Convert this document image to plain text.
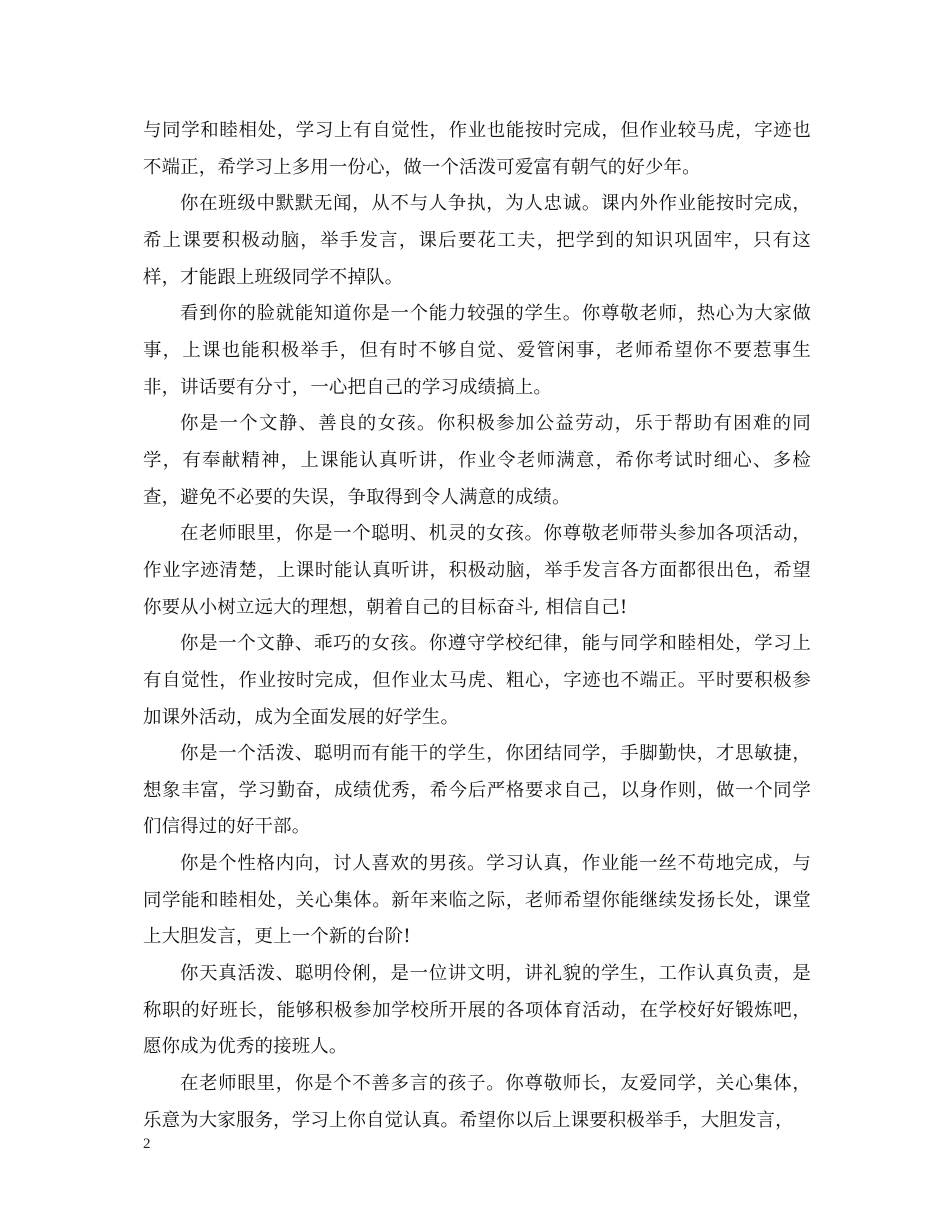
与同学和睦相处，学习上有自觉性，作业也能按时完成，但作业较马虎，字迹也不端正，希学习上多用一份心，做一个活泼可爱富有朝气的好少年。

你在班级中默默无闻，从不与人争执，为人忠诚。课内外作业能按时完成，希上课要积极动脑，举手发言，课后要花工夫，把学到的知识巩固牢，只有这样，才能跟上班级同学不掉队。

看到你的脸就能知道你是一个能力较强的学生。你尊敬老师，热心为大家做事，上课也能积极举手，但有时不够自觉、爱管闲事，老师希望你不要惹事生非，讲话要有分寸，一心把自己的学习成绩搞上。

你是一个文静、善良的女孩。你积极参加公益劳动，乐于帮助有困难的同学，有奉献精神，上课能认真听讲，作业令老师满意，希你考试时细心、多检查，避免不必要的失误，争取得到令人满意的成绩。

在老师眼里，你是一个聪明、机灵的女孩。你尊敬老师带头参加各项活动，作业字迹清楚，上课时能认真听讲，积极动脑，举手发言各方面都很出色，希望你要从小树立远大的理想，朝着自己的目标奋斗, 相信自己!

你是一个文静、乖巧的女孩。你遵守学校纪律，能与同学和睦相处，学习上有自觉性，作业按时完成，但作业太马虎、粗心，字迹也不端正。平时要积极参加课外活动，成为全面发展的好学生。

你是一个活泼、聪明而有能干的学生，你团结同学，手脚勤快，才思敏捷，想象丰富，学习勤奋，成绩优秀，希今后严格要求自己，以身作则，做一个同学们信得过的好干部。

你是个性格内向，讨人喜欢的男孩。学习认真，作业能一丝不苟地完成，与同学能和睦相处，关心集体。新年来临之际，老师希望你能继续发扬长处，课堂上大胆发言，更上一个新的台阶!

你天真活泼、聪明伶俐，是一位讲文明，讲礼貌的学生，工作认真负责，是称职的好班长，能够积极参加学校所开展的各项体育活动，在学校好好锻炼吧，愿你成为优秀的接班人。

在老师眼里，你是个不善多言的孩子。你尊敬师长，友爱同学，关心集体，乐意为大家服务，学习上你自觉认真。希望你以后上课要积极举手，大胆发言，

2
